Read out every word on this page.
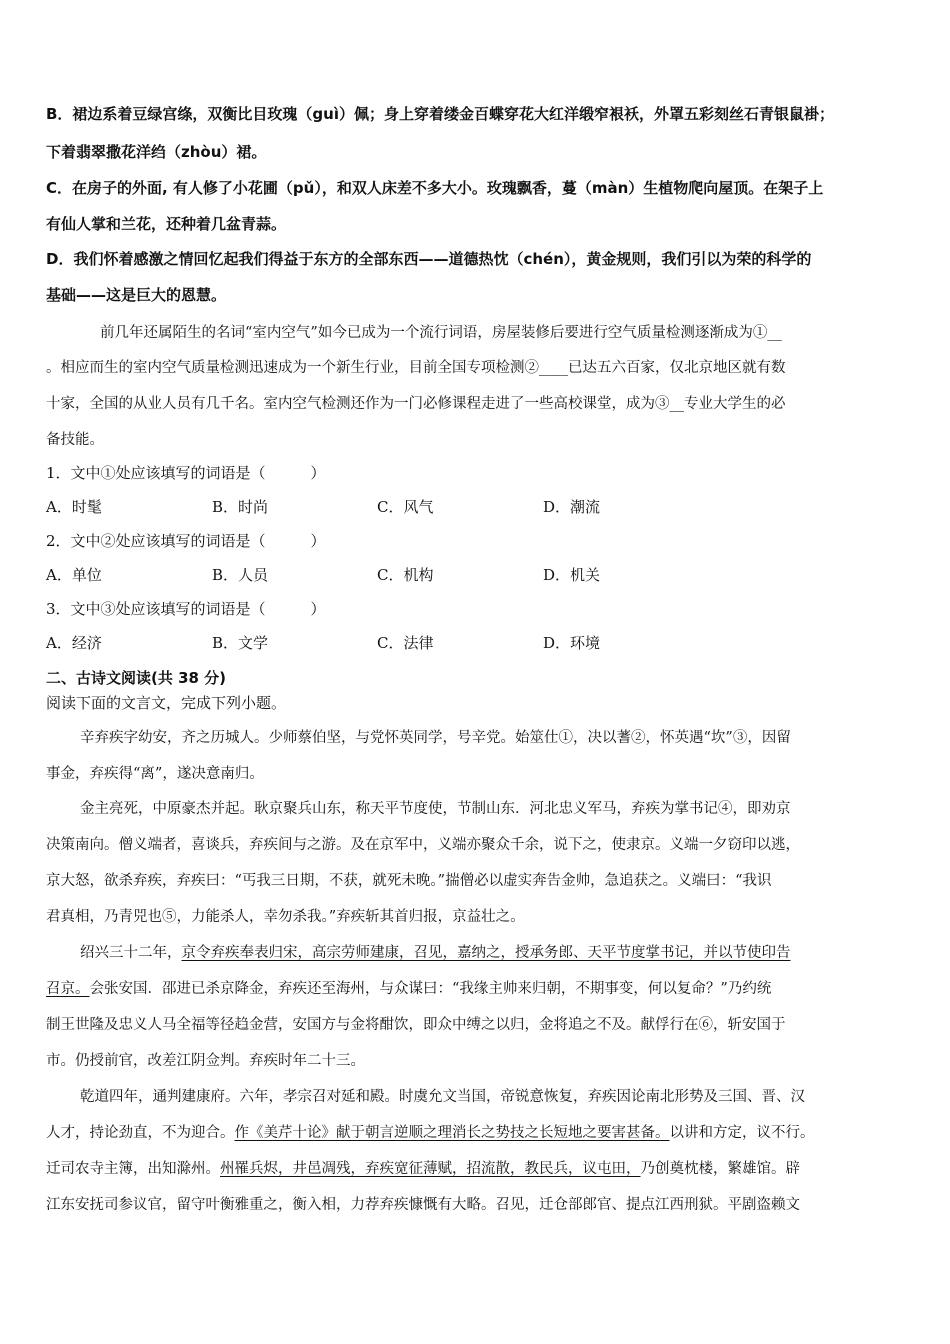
B．裙边系着豆绿宫绦，双衡比目玫瑰（guì）佩；身上穿着缕金百蝶穿花大红洋缎窄裉袄，外罩五彩刻丝石青银鼠褂；
下着翡翠撒花洋绉（zhòu）裙。
C．在房子的外面, 有人修了小花圃（pǔ），和双人床差不多大小。玫瑰飘香，蔓（màn）生植物爬向屋顶。在架子上
有仙人掌和兰花，还种着几盆青蒜。
D．我们怀着感激之情回忆起我们得益于东方的全部东西——道德热忱（chén），黄金规则，我们引以为荣的科学的
基础——这是巨大的恩慧。
前几年还属陌生的名词“室内空气”如今已成为一个流行词语，房屋装修后要进行空气质量检测逐渐成为①__
。相应而生的室内空气质量检测迅速成为一个新生行业，目前全国专项检测②____已达五六百家，仅北京地区就有数
十家，全国的从业人员有几千名。室内空气检测还作为一门必修课程走进了一些高校课堂，成为③__专业大学生的必
备技能。
1．文中①处应该填写的词语是（　　　）
A．时髦	B．时尚	C．风气	D．潮流
2．文中②处应该填写的词语是（　　　）
A．单位	B．人员	C．机构	D．机关
3．文中③处应该填写的词语是（　　　）
A．经济	B．文学	C．法律	D．环境
二、古诗文阅读(共 38 分)
阅读下面的文言文，完成下列小题。
辛弃疾字幼安，齐之历城人。少师蔡伯坚，与党怀英同学，号辛党。始筮仕①，决以蓍②，怀英遇“坎”③，因留
事金，弃疾得“离”，遂决意南归。
金主亮死，中原豪杰并起。耿京聚兵山东，称天平节度使，节制山东．河北忠义军马，弃疾为掌书记④，即劝京
决策南向。僧义端者，喜谈兵，弃疾间与之游。及在京军中，义端亦聚众千余，说下之，使隶京。义端一夕窃印以逃，
京大怒，欲杀弃疾，弃疾曰：“丐我三日期，不获，就死未晚。”揣僧必以虚实奔告金帅，急追获之。义端曰：“我识
君真相，乃青兕也⑤，力能杀人，幸勿杀我。”弃疾斩其首归报，京益壮之。
绍兴三十二年，京令弃疾奉表归宋，高宗劳师建康，召见，嘉纳之，授承务郎、天平节度掌书记，并以节使印告
召京。会张安国．邵进已杀京降金，弃疾还至海州，与众谋曰：“我缘主帅来归朝，不期事变，何以复命？”乃约统
制王世隆及忠义人马全福等径趋金营，安国方与金将酣饮，即众中缚之以归，金将追之不及。献俘行在⑥，斩安国于
市。仍授前官，改差江阴佥判。弃疾时年二十三。
乾道四年，通判建康府。六年，孝宗召对延和殿。时虞允文当国，帝锐意恢复，弃疾因论南北形势及三国、晋、汉
人才，持论劲直，不为迎合。作《美芹十论》献于朝言逆顺之理消长之势技之长短地之要害甚备。以讲和方定，议不行。
迁司农寺主簿，出知滁州。州罹兵烬，井邑凋残，弃疾宽征薄赋，招流散，教民兵，议屯田，乃创奠枕楼，繁雄馆。辟
江东安抚司参议官，留守叶衡雅重之，衡入相，力荐弃疾慷慨有大略。召见，迁仓部郎官、提点江西刑狱。平剧盗赖文
